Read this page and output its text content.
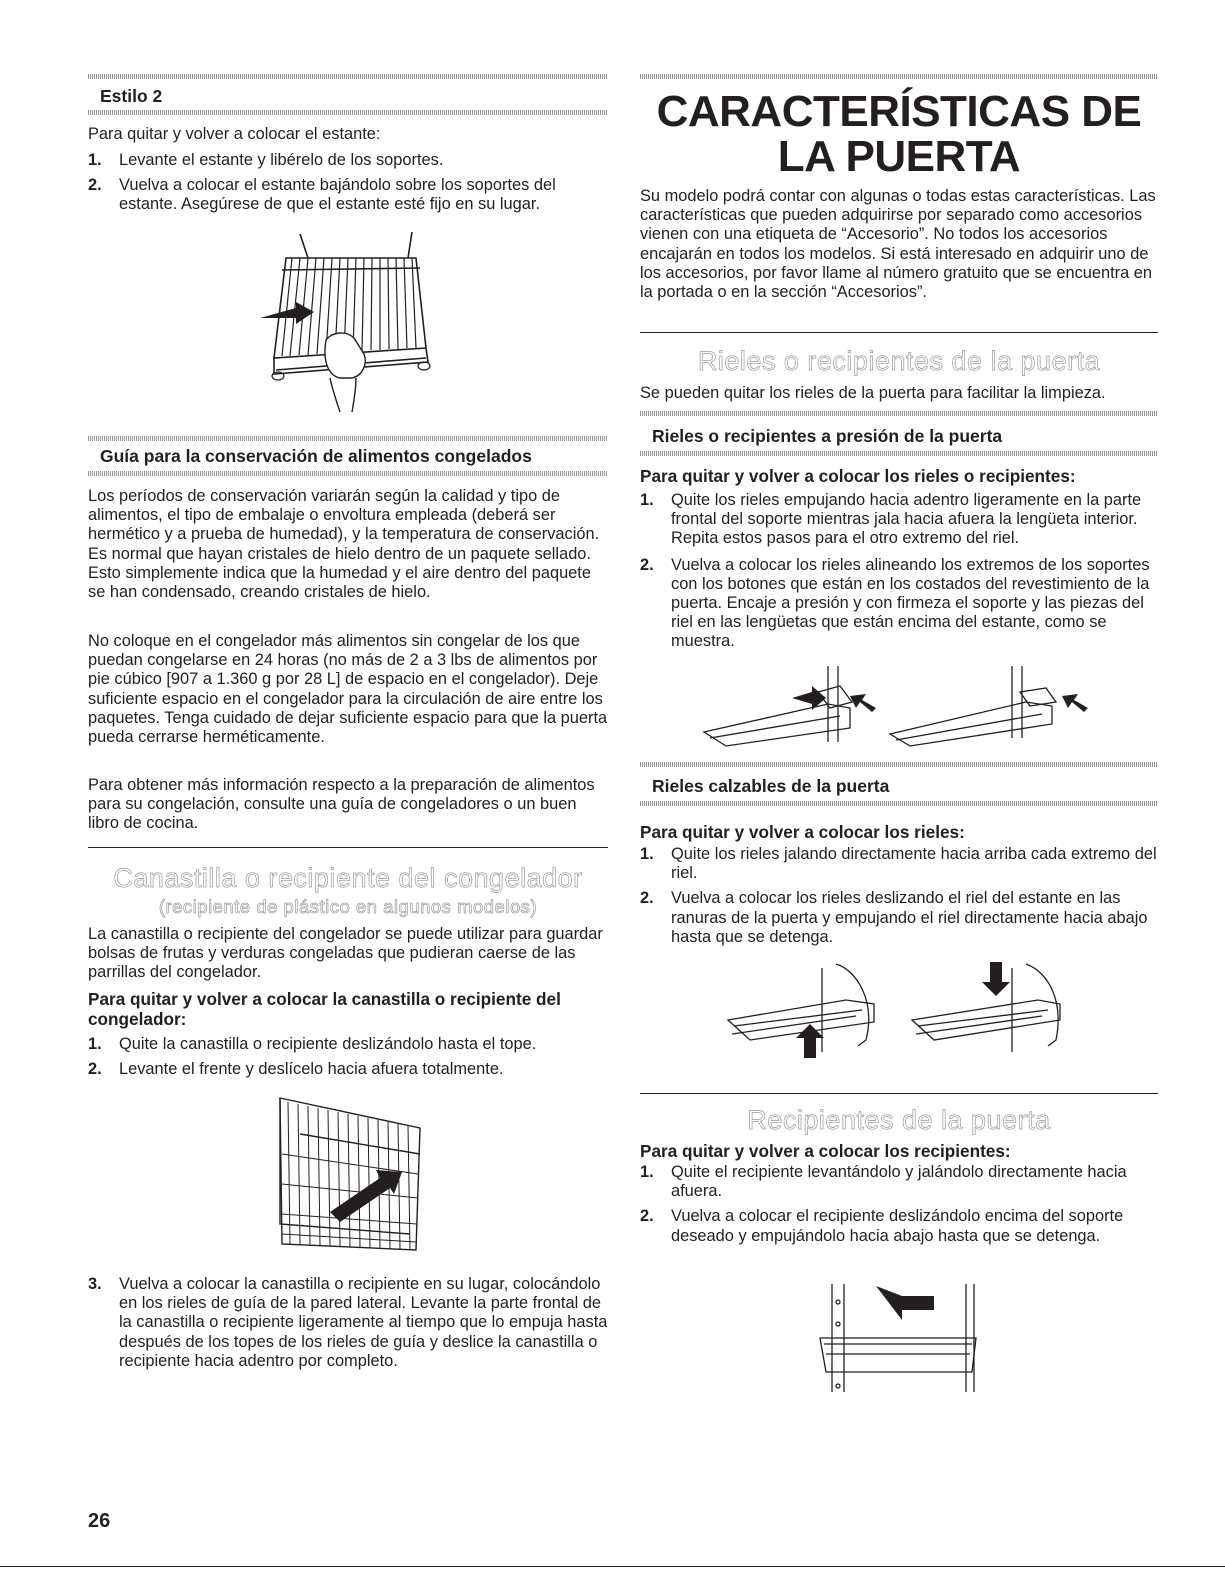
Estilo 2

Para quitar y volver a colocar el estante:

1. Levante el estante y libérelo de los soportes.
2. Vuelva a colocar el estante bajándolo sobre los soportes del estante. Asegúrese de que el estante esté fijo en su lugar.

Guía para la conservación de alimentos congelados

Los períodos de conservación variarán según la calidad y tipo de alimentos, el tipo de embalaje o envoltura empleada (deberá ser hermético y a prueba de humedad), y la temperatura de conservación. Es normal que hayan cristales de hielo dentro de un paquete sellado. Esto simplemente indica que la humedad y el aire dentro del paquete se han condensado, creando cristales de hielo.

No coloque en el congelador más alimentos sin congelar de los que puedan congelarse en 24 horas (no más de 2 a 3 lbs de alimentos por pie cúbico [907 a 1.360 g por 28 L] de espacio en el congelador). Deje suficiente espacio en el congelador para la circulación de aire entre los paquetes. Tenga cuidado de dejar suficiente espacio para que la puerta pueda cerrarse herméticamente.

Para obtener más información respecto a la preparación de alimentos para su congelación, consulte una guía de congeladores o un buen libro de cocina.

Canastilla o recipiente del congelador

(recipiente de plástico en algunos modelos)

La canastilla o recipiente del congelador se puede utilizar para guardar bolsas de frutas y verduras congeladas que pudieran caerse de las parrillas del congelador.

Para quitar y volver a colocar la canastilla o recipiente del congelador:

1. Quite la canastilla o recipiente deslizándolo hasta el tope.
2. Levante el frente y deslícelo hacia afuera totalmente.
3. Vuelva a colocar la canastilla o recipiente en su lugar, colocándolo en los rieles de guía de la pared lateral. Levante la parte frontal de la canastilla o recipiente ligeramente al tiempo que lo empuja hasta después de los topes de los rieles de guía y deslice la canastilla o recipiente hacia adentro por completo.

CARACTERÍSTICAS DE

LA PUERTA

Su modelo podrá contar con algunas o todas estas características. Las características que pueden adquirirse por separado como accesorios vienen con una etiqueta de “Accesorio”. No todos los accesorios encajarán en todos los modelos. Si está interesado en adquirir uno de los accesorios, por favor llame al número gratuito que se encuentra en la portada o en la sección “Accesorios”.

Rieles o recipientes de la puerta

Se pueden quitar los rieles de la puerta para facilitar la limpieza.

Rieles o recipientes a presión de la puerta

Para quitar y volver a colocar los rieles o recipientes:

1. Quite los rieles empujando hacia adentro ligeramente en la parte frontal del soporte mientras jala hacia afuera la lengüeta interior. Repita estos pasos para el otro extremo del riel.
2. Vuelva a colocar los rieles alineando los extremos de los soportes con los botones que están en los costados del revestimiento de la puerta. Encaje a presión y con firmeza el soporte y las piezas del riel en las lengüetas que están encima del estante, como se muestra.

Rieles calzables de la puerta

Para quitar y volver a colocar los rieles:

1. Quite los rieles jalando directamente hacia arriba cada extremo del riel.
2. Vuelva a colocar los rieles deslizando el riel del estante en las ranuras de la puerta y empujando el riel directamente hacia abajo hasta que se detenga.

Recipientes de la puerta

Para quitar y volver a colocar los recipientes:

1. Quite el recipiente levantándolo y jalándolo directamente hacia afuera.
2. Vuelva a colocar el recipiente deslizándolo encima del soporte deseado y empujándolo hacia abajo hasta que se detenga.
26
